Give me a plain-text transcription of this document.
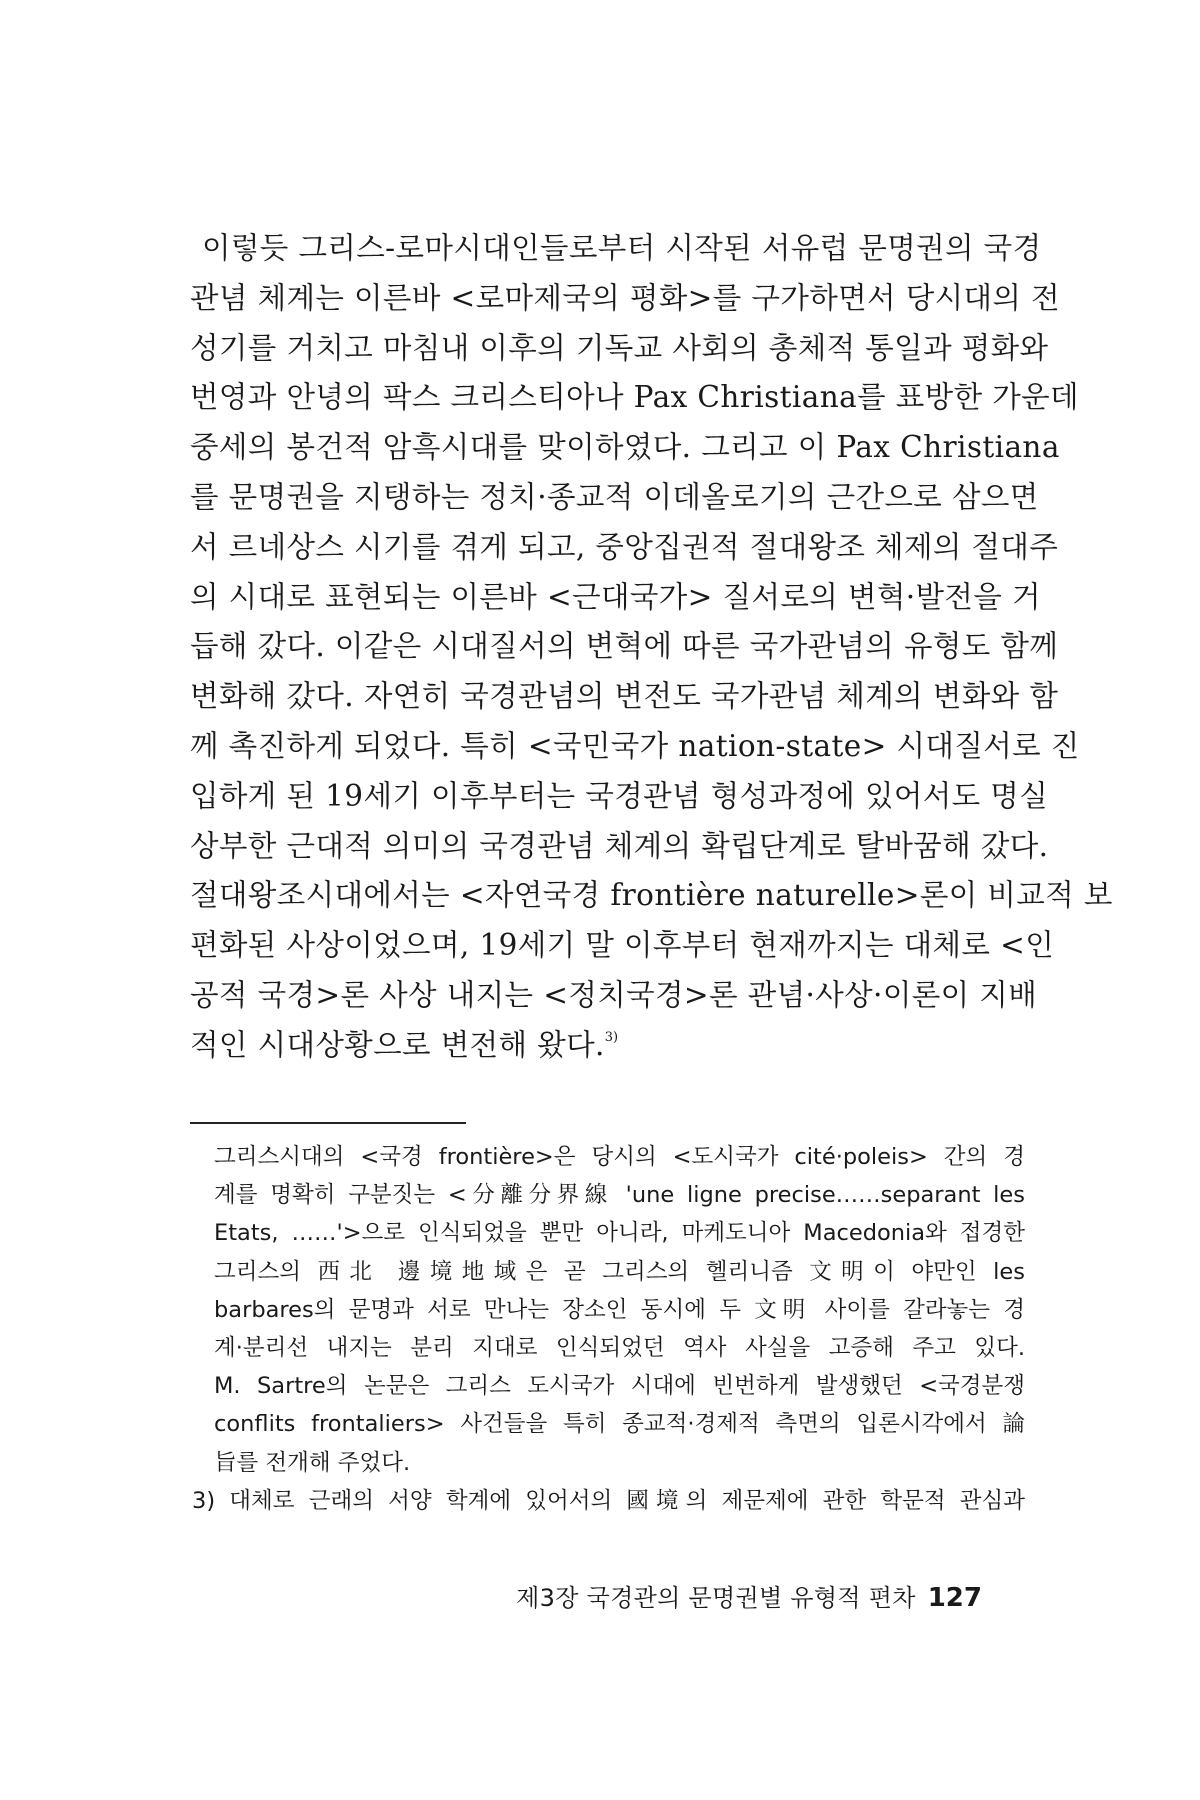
이렇듯 그리스-로마시대인들로부터 시작된 서유럽 문명권의 국경
관념 체계는 이른바 <로마제국의 평화>를 구가하면서 당시대의 전
성기를 거치고 마침내 이후의 기독교 사회의 총체적 통일과 평화와
번영과 안녕의 팍스 크리스티아나 Pax Christiana를 표방한 가운데
중세의 봉건적 암흑시대를 맞이하였다. 그리고 이 Pax Christiana
를 문명권을 지탱하는 정치·종교적 이데올로기의 근간으로 삼으면
서 르네상스 시기를 겪게 되고, 중앙집권적 절대왕조 체제의 절대주
의 시대로 표현되는 이른바 <근대국가> 질서로의 변혁·발전을 거
듭해 갔다. 이같은 시대질서의 변혁에 따른 국가관념의 유형도 함께
변화해 갔다. 자연히 국경관념의 변전도 국가관념 체계의 변화와 함
께 촉진하게 되었다. 특히 <국민국가 nation-state> 시대질서로 진
입하게 된 19세기 이후부터는 국경관념 형성과정에 있어서도 명실
상부한 근대적 의미의 국경관념 체계의 확립단계로 탈바꿈해 갔다.
절대왕조시대에서는 <자연국경 frontière naturelle>론이 비교적 보
편화된 사상이었으며, 19세기 말 이후부터 현재까지는 대체로 <인
공적 국경>론 사상 내지는 <정치국경>론 관념·사상·이론이 지배
적인 시대상황으로 변전해 왔다.$^{3)}$
그리스시대의 <국경 frontière>은 당시의 <도시국가 cité·poleis> 간의 경
계를 명확히 구분짓는 <分離分界線 'une ligne precise……separant les
Etats, ……'>으로 인식되었을 뿐만 아니라, 마케도니아 Macedonia와 접경한
그리스의 西北 邊境地域은 곧 그리스의 헬리니즘 文明이 야만인 les
barbares의 문명과 서로 만나는 장소인 동시에 두 文明 사이를 갈라놓는 경
계·분리선 내지는 분리 지대로 인식되었던 역사 사실을 고증해 주고 있다.
M. Sartre의 논문은 그리스 도시국가 시대에 빈번하게 발생했던 <국경분쟁
conflits frontaliers> 사건들을 특히 종교적·경제적 측면의 입론시각에서 論
旨를 전개해 주었다.
3) 대체로 근래의 서양 학계에 있어서의 國境의 제문제에 관한 학문적 관심과
제3장 국경관의 문명권별 유형적 편차 127
